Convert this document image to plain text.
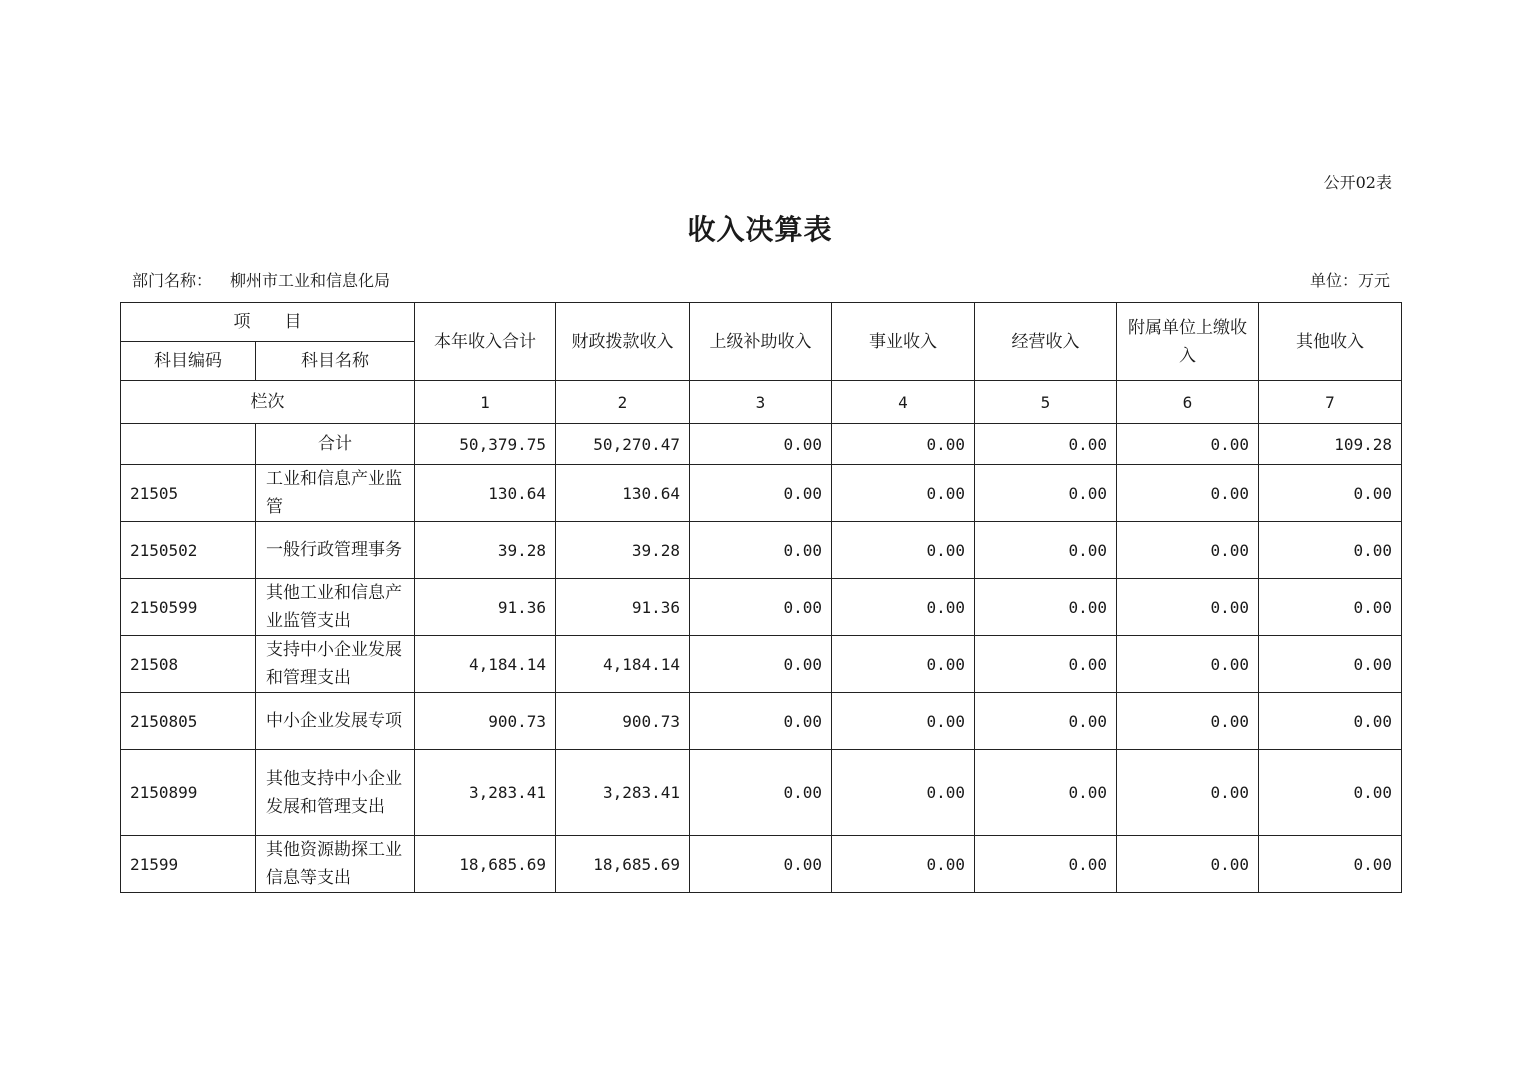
公开02表
收入决算表
部门名称： 柳州市工业和信息化局	单位：万元
项　　目		本年收入合计	财政拨款收入	上级补助收入	事业收入	经营收入	附属单位上缴收入	其他收入
科目编码	科目名称							
栏次		1	2	3	4	5	6	7
	合计	50,379.75	50,270.47	0.00	0.00	0.00	0.00	109.28
21505	工业和信息产业监管	130.64	130.64	0.00	0.00	0.00	0.00	0.00
2150502	一般行政管理事务	39.28	39.28	0.00	0.00	0.00	0.00	0.00
2150599	其他工业和信息产业监管支出	91.36	91.36	0.00	0.00	0.00	0.00	0.00
21508	支持中小企业发展和管理支出	4,184.14	4,184.14	0.00	0.00	0.00	0.00	0.00
2150805	中小企业发展专项	900.73	900.73	0.00	0.00	0.00	0.00	0.00
2150899	其他支持中小企业发展和管理支出	3,283.41	3,283.41	0.00	0.00	0.00	0.00	0.00
21599	其他资源勘探工业信息等支出	18,685.69	18,685.69	0.00	0.00	0.00	0.00	0.00
